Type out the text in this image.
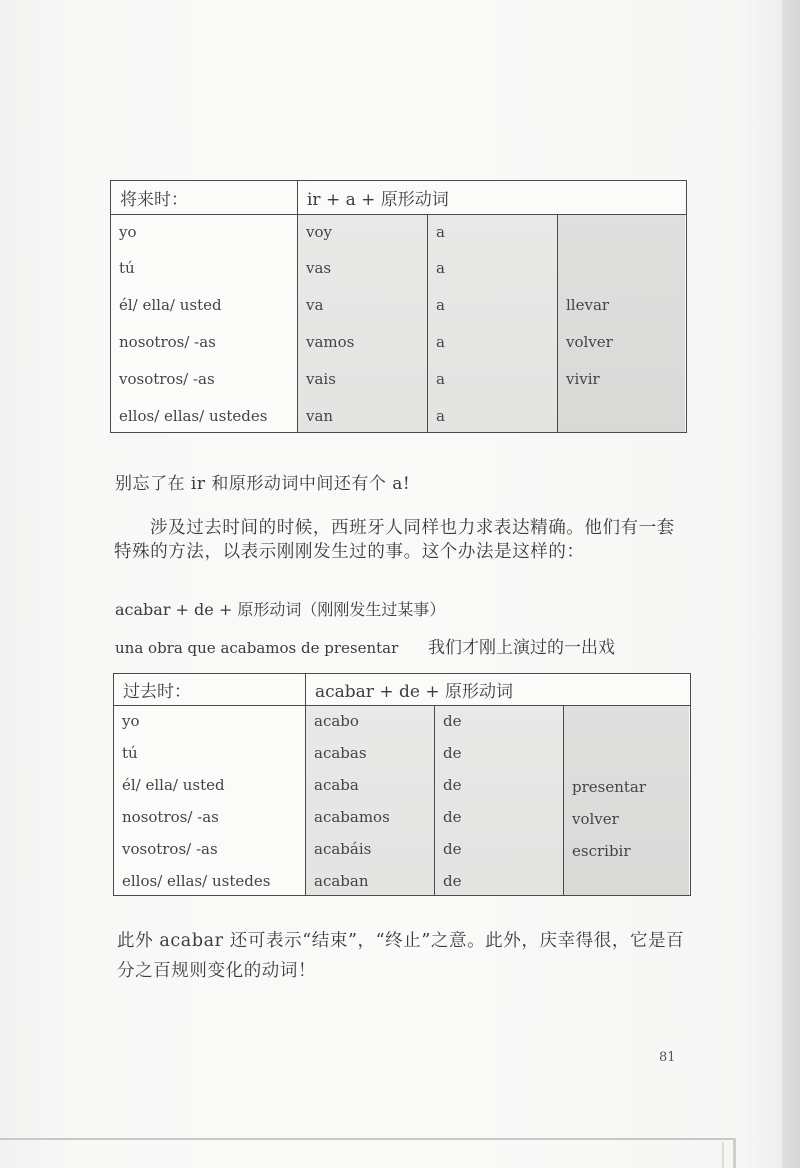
voy
vas
va
vamos
vais
van
a
a
a
a
a
a
llevar
volver
vivir
yo
tú
él/ ella/ usted
nosotros/ -as
vosotros/ -as
ellos/ ellas/ ustedes
将来时：	ir + a + 原形动词
别忘了在 ir 和原形动词中间还有个 a!
涉及过去时间的时候，西班牙人同样也力求表达精确。他们有一套特殊的方法，以表示刚刚发生过的事。这个办法是这样的：
acabar + de + 原形动词（刚刚发生过某事）
una obra que acabamos de presentar 我们才刚上演过的一出戏
acabo
acabas
acaba
acabamos
acabáis
acaban
de
de
de
de
de
de
presentar
volver
escribir
yo
tú
él/ ella/ usted
nosotros/ -as
vosotros/ -as
ellos/ ellas/ ustedes
过去时：	acabar + de + 原形动词
此外 acabar 还可表示“结束”，“终止”之意。此外，庆幸得很，它是百分之百规则变化的动词！
81
